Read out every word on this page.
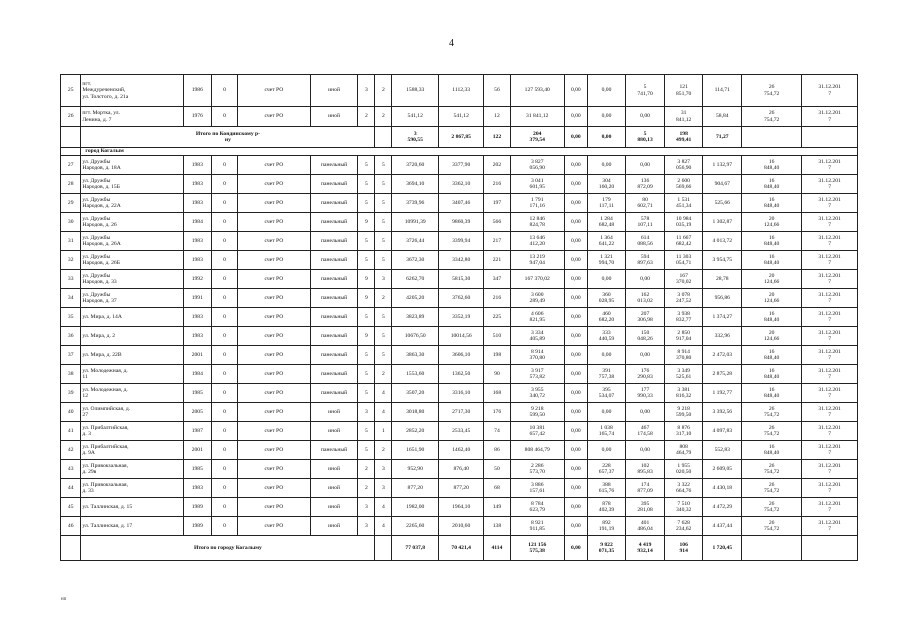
4
25	пгт.
Междуреченский,
ул. Толстого, д. 21а	1986	0	счет РО	иной	3	2	1588,33	1112,33	56	127 593,40	0,00	0,00	5
741,70	121
851,70	114,71	26
754,72	31.12.201
7
26	пгт. Мортка, ул.
Ленина, д. 7	1976	0	счет РО	иной	2	2	541,12	541,12	12	31 841,12	0,00	0,00	0,00	31
841,12	58,84	26
754,72	31.12.201
7
	Итого по Кондинскому р-
ну							3
590,55	2 867,85	122	204
379,54	0,00	0,00	5
880,13	198
499,41	71,27		
	город Когалым																	
27	ул. Дружбы
Народов, д. 18А	1983	0	счет РО	панельный	5	5	3720,60	3377,90	202	3 827
056,90	0,00	0,00	0,00	3 827
056,90	1 132,97	16
848,40	31.12.201
7
28	ул. Дружбы
Народов, д. 15Б	1983	0	счет РО	панельный	5	5	3694,10	3362,10	216	3 041
601,95	0,00	304
160,20	136
872,09	2 600
569,66	904,67	16
848,40	31.12.201
7
29	ул. Дружбы
Народов, д. 22А	1983	0	счет РО	панельный	5	5	3739,96	3407,46	197	1 791
171,16	0,00	179
117,11	80
602,71	1 531
451,34	525,66	16
848,40	31.12.201
7
30	ул. Дружбы
Народов, д. 26	1984	0	счет РО	панельный	9	5	10991,39	9860,39	566	12 846
824,78	0,00	1 284
682,48	578
107,11	10 984
035,19	1 302,87	20
124,66	31.12.201
7
31	ул. Дружбы
Народов, д. 26А	1983	0	счет РО	панельный	5	5	3726,44	3399,94	217	13 646
412,20	0,00	1 364
641,22	614
088,56	11 667
682,42	4 013,72	16
848,40	31.12.201
7
32	ул. Дружбы
Народов, д. 26Б	1983	0	счет РО	панельный	5	5	3672,30	3342,80	221	13 219
947,04	0,00	1 321
994,70	594
897,63	11 303
054,71	3 954,75	16
848,40	31.12.201
7
33	ул. Дружбы
Народов, д. 33	1992	0	счет РО	панельный	9	3	6262,70	5815,30	347	167 370,02	0,00	0,00	0,00	167
370,02	28,78	20
124,66	31.12.201
7
34	ул. Дружбы
Народов, д. 37	1991	0	счет РО	панельный	9	2	4205,20	3762,60	216	3 600
289,49	0,00	360
028,95	162
013,02	3 078
247,52	956,86	20
124,66	31.12.201
7
35	ул. Мира, д. 14А	1983	0	счет РО	панельный	5	5	3823,89	3352,19	225	4 606
821,95	0,00	460
682,20	207
306,98	3 938
832,77	1 374,27	16
848,40	31.12.201
7
36	ул. Мира, д. 2	1983	0	счет РО	панельный	9	5	10676,50	10014,56	510	3 334
405,89	0,00	333
440,59	150
048,26	2 850
917,04	332,96	20
124,66	31.12.201
7
37	ул. Мира, д. 22В	2001	0	счет РО	панельный	5	5	3863,30	3606,10	198	8 914
370,80	0,00	0,00	0,00	8 914
370,80	2 472,03	16
848,40	31.12.201
7
38	ул. Молодежная, д.
11	1984	0	счет РО	панельный	5	2	1553,60	1362,50	90	3 917
573,82	0,00	391
757,38	176
290,83	3 349
525,61	2 875,28	16
848,40	31.12.201
7
39	ул. Молодежная, д.
12	1985	0	счет РО	панельный	5	4	3507,20	3316,10	168	3 955
340,72	0,00	395
534,07	177
990,33	3 381
816,32	1 192,77	16
848,40	31.12.201
7
40	ул. Олимпийская, д.
27	2005	0	счет РО	иной	3	4	3018,80	2717,30	176	9 218
599,50	0,00	0,00	0,00	9 218
599,50	3 392,56	26
754,72	31.12.201
7
41	ул. Прибалтийская,
д. 3	1987	0	счет РО	иной	5	1	2852,20	2533,45	74	10 381
657,42	0,00	1 038
165,74	467
174,58	8 876
317,10	4 097,83	26
754,72	31.12.201
7
42	ул. Прибалтийская,
д. 9А	2001	0	счет РО	панельный	5	2	1651,90	1462,40	86	808 464,79	0,00	0,00	0,00	808
464,79	552,83	16
848,40	31.12.201
7
43	ул. Привокзальная,
д. 29в	1985	0	счет РО	иной	2	3	952,90	876,40	50	2 286
573,70	0,00	228
657,37	102
895,83	1 955
020,50	2 609,05	26
754,72	31.12.201
7
44	ул. Привокзальная,
д. 33	1983	0	счет РО	иной	2	3	877,20	877,20	68	3 886
157,61	0,00	388
615,76	174
877,09	3 322
664,76	4 430,18	26
754,72	31.12.201
7
45	ул. Таллинская, д. 15	1989	0	счет РО	иной	3	4	1982,00	1964,10	149	8 784
623,79	0,00	878
402,39	395
281,08	7 510
340,32	4 472,29	26
754,72	31.12.201
7
46	ул. Таллинская, д. 17	1989	0	счет РО	иной	3	4	2265,60	2010,60	138	8 921
911,85	0,00	892
191,19	401
486,04	7 628
234,62	4 437,44	26
754,72	31.12.201
7
	Итого по городу Когалыму							77 037,8	70 421,4	4114	121 156
575,38	0,00	9 822
071,35	4 419
932,14	106
914	1 720,45		
нп
